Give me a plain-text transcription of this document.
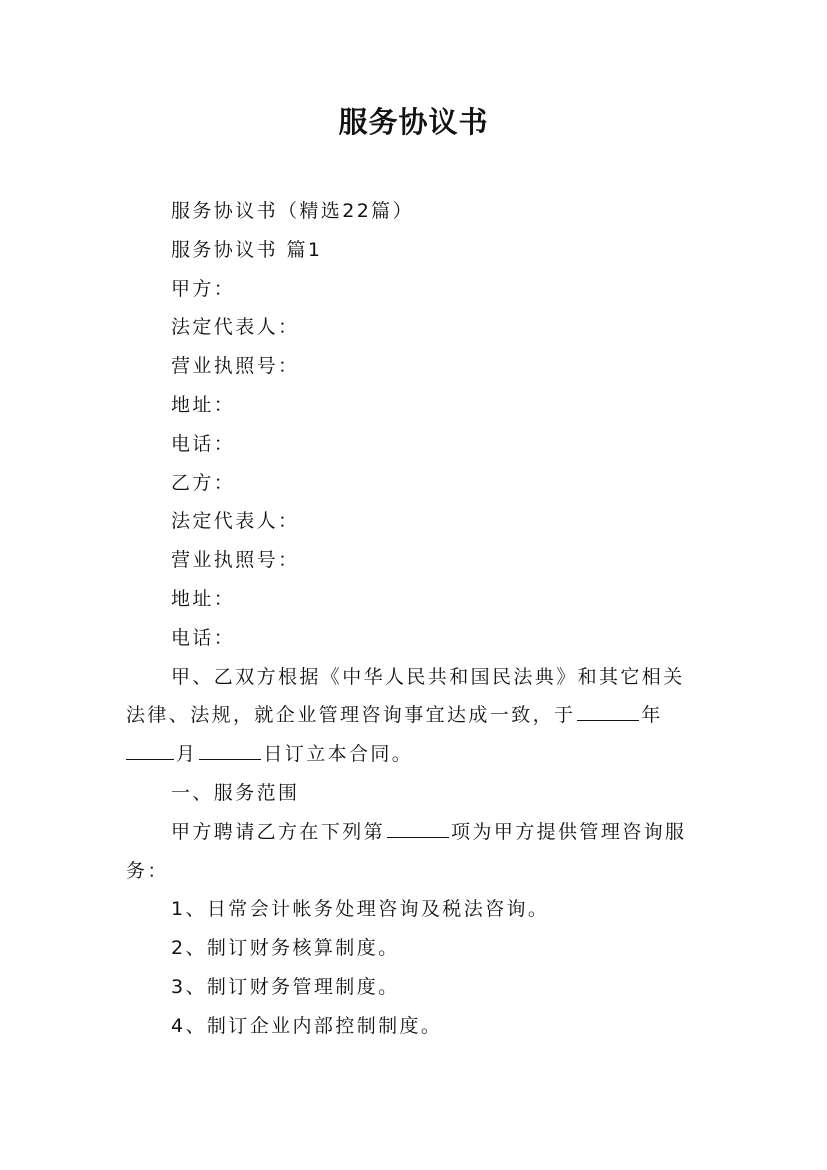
服务协议书
服务协议书（精选22篇）
服务协议书 篇1
甲方：
法定代表人：
营业执照号：
地址：
电话：
乙方：
法定代表人：
营业执照号：
地址：
电话：
甲、乙双方根据《中华人民共和国民法典》和其它相关
法律、法规，就企业管理咨询事宜达成一致，于	年
月	日订立本合同。
一、服务范围
甲方聘请乙方在下列第	项为甲方提供管理咨询服
务：
1、日常会计帐务处理咨询及税法咨询。
2、制订财务核算制度。
3、制订财务管理制度。
4、制订企业内部控制制度。
